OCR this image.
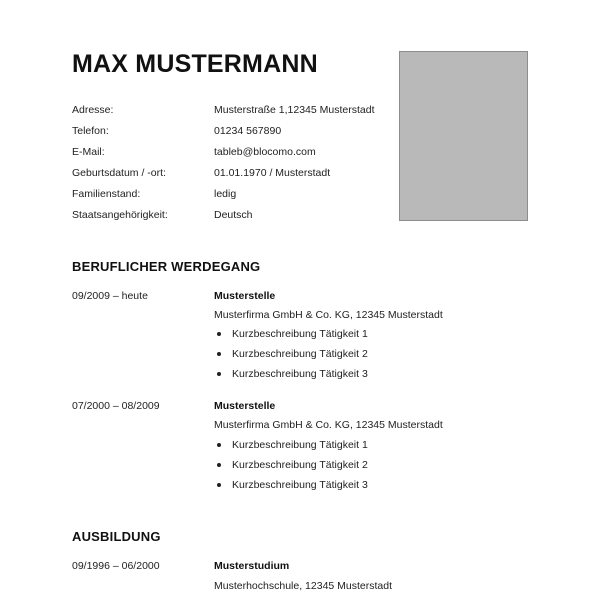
MAX MUSTERMANN
Adresse:	Musterstraße 1,12345 Musterstadt
Telefon:	01234 567890
E-Mail:	tableb@blocomo.com
Geburtsdatum / -ort:	01.01.1970 / Musterstadt
Familienstand:	ledig
Staatsangehörigkeit:	Deutsch
BERUFLICHER WERDEGANG
09/2009 – heute	Musterstelle
Musterfirma GmbH & Co. KG, 12345 Musterstadt
Kurzbeschreibung Tätigkeit 1
Kurzbeschreibung Tätigkeit 2
Kurzbeschreibung Tätigkeit 3
07/2000 – 08/2009	Musterstelle
Musterfirma GmbH & Co. KG, 12345 Musterstadt
Kurzbeschreibung Tätigkeit 1
Kurzbeschreibung Tätigkeit 2
Kurzbeschreibung Tätigkeit 3
AUSBILDUNG
09/1996 – 06/2000	Musterstudium
Musterhochschule, 12345 Musterstadt
